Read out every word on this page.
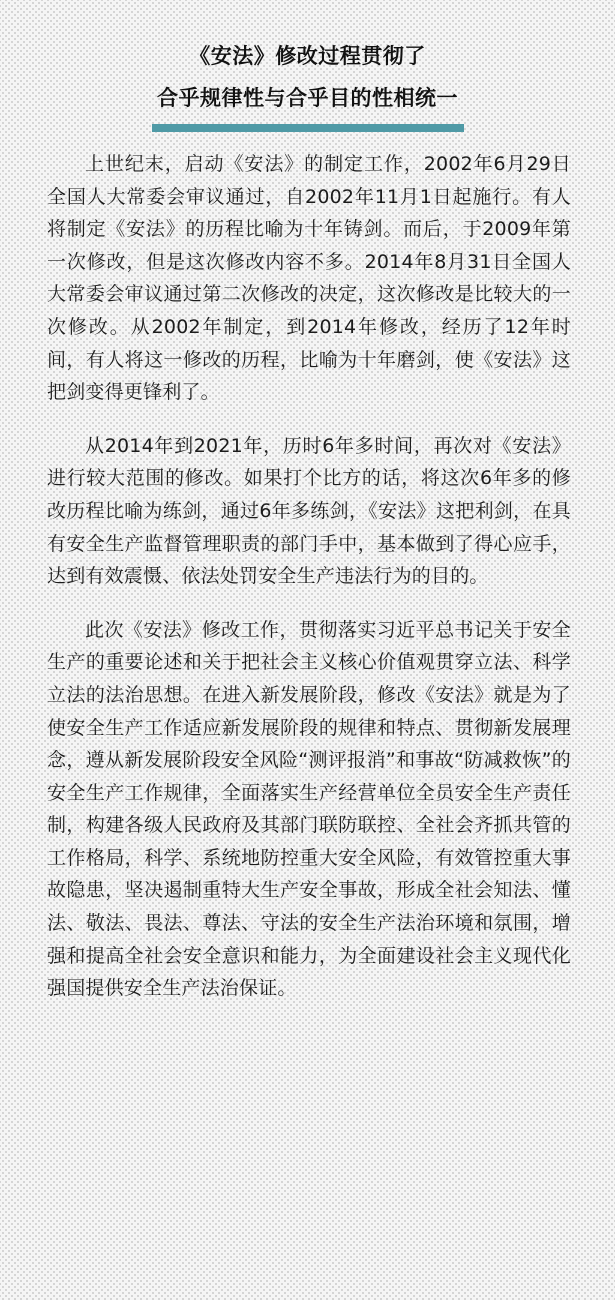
《安法》修改过程贯彻了
合乎规律性与合乎目的性相统一

上世纪末，启动《安法》的制定工作，2002年6月29日全国人大常委会审议通过，自2002年11月1日起施行。有人将制定《安法》的历程比喻为十年铸剑。而后，于2009年第一次修改，但是这次修改内容不多。2014年8月31日全国人大常委会审议通过第二次修改的决定，这次修改是比较大的一次修改。从2002年制定，到2014年修改，经历了12年时间，有人将这一修改的历程，比喻为十年磨剑，使《安法》这把剑变得更锋利了。

从2014年到2021年，历时6年多时间，再次对《安法》进行较大范围的修改。如果打个比方的话，将这次6年多的修改历程比喻为练剑，通过6年多练剑，《安法》这把利剑，在具有安全生产监督管理职责的部门手中，基本做到了得心应手，达到有效震慑、依法处罚安全生产违法行为的目的。

此次《安法》修改工作，贯彻落实习近平总书记关于安全生产的重要论述和关于把社会主义核心价值观贯穿立法、科学立法的法治思想。在进入新发展阶段，修改《安法》就是为了使安全生产工作适应新发展阶段的规律和特点、贯彻新发展理念，遵从新发展阶段安全风险“测评报消”和事故“防减救恢”的安全生产工作规律，全面落实生产经营单位全员安全生产责任制，构建各级人民政府及其部门联防联控、全社会齐抓共管的工作格局，科学、系统地防控重大安全风险，有效管控重大事故隐患，坚决遏制重特大生产安全事故，形成全社会知法、懂法、敬法、畏法、尊法、守法的安全生产法治环境和氛围，增强和提高全社会安全意识和能力，为全面建设社会主义现代化强国提供安全生产法治保证。
